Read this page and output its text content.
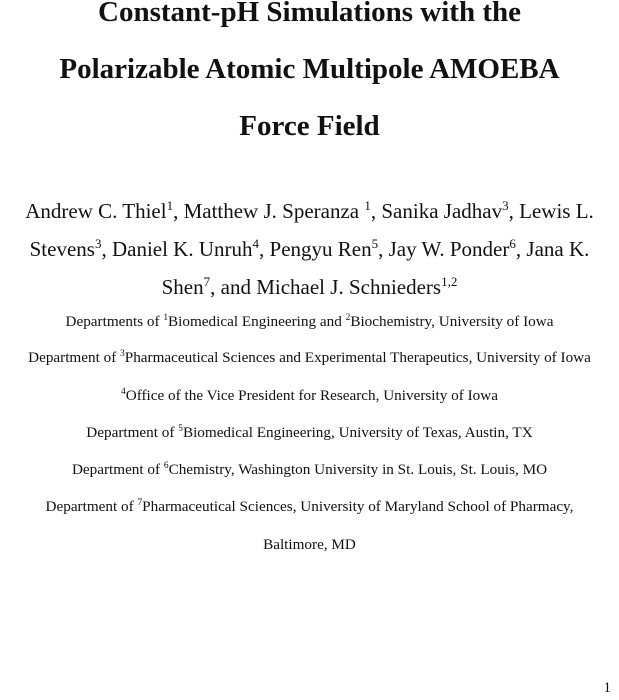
Constant-pH Simulations with the
Polarizable Atomic Multipole AMOEBA
Force Field
Andrew C. Thiel$^1$, Matthew J. Speranza $^1$, Sanika Jadhav$^3$, Lewis L.
Stevens$^3$, Daniel K. Unruh$^4$, Pengyu Ren$^5$, Jay W. Ponder$^6$, Jana K.
Shen$^7$, and Michael J. Schnieders$^{1,2}$
Departments of $^1$Biomedical Engineering and $^2$Biochemistry, University of Iowa
Department of $^3$Pharmaceutical Sciences and Experimental Therapeutics, University of Iowa
$^4$Office of the Vice President for Research, University of Iowa
Department of $^5$Biomedical Engineering, University of Texas, Austin, TX
Department of $^6$Chemistry, Washington University in St. Louis, St. Louis, MO
Department of $^7$Pharmaceutical Sciences, University of Maryland School of Pharmacy,
Baltimore, MD
1
